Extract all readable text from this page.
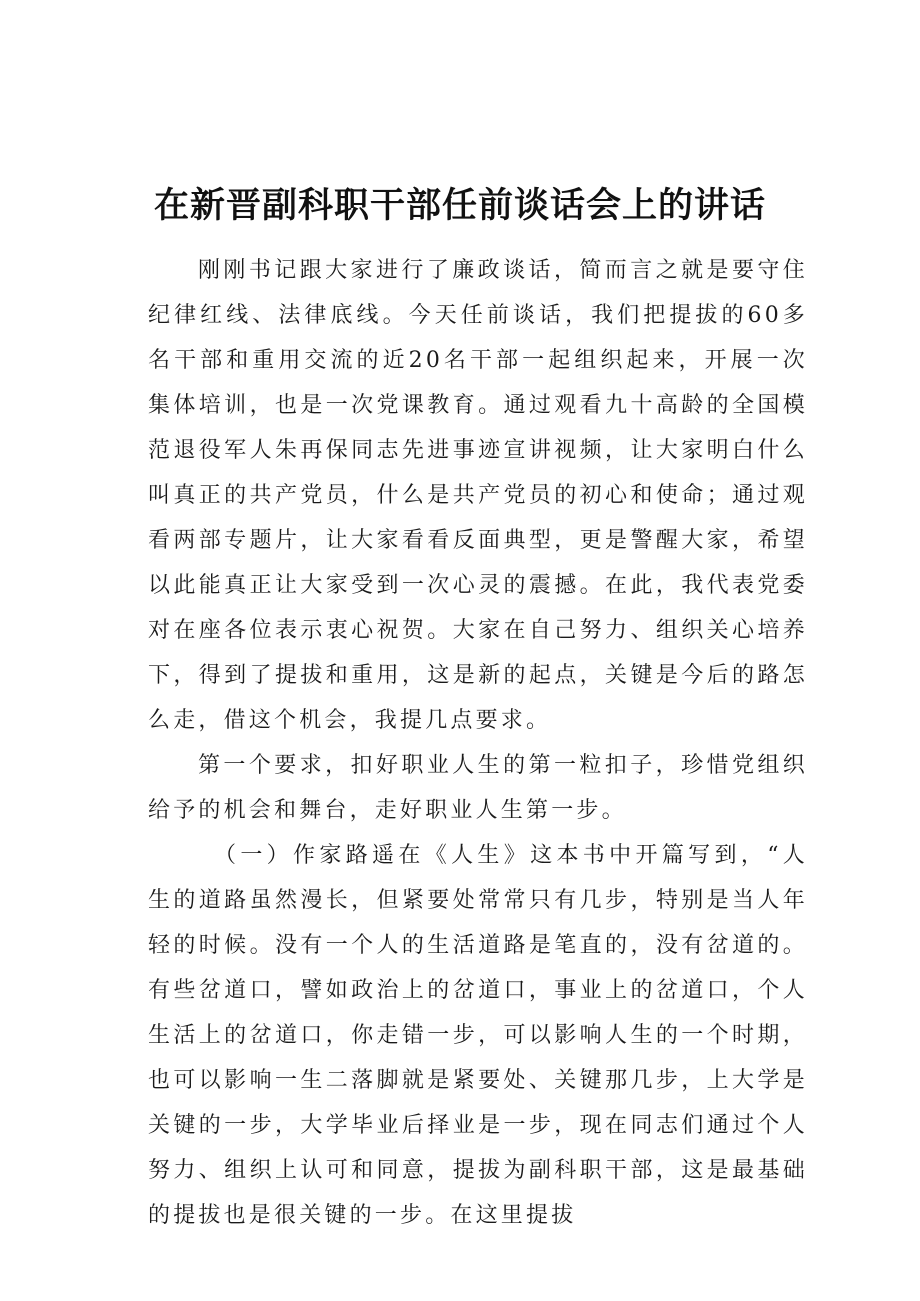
在新晋副科职干部任前谈话会上的讲话

刚刚书记跟大家进行了廉政谈话，简而言之就是要守住纪律红线、法律底线。今天任前谈话，我们把提拔的60多名干部和重用交流的近20名干部一起组织起来，开展一次集体培训，也是一次党课教育。通过观看九十高龄的全国模范退役军人朱再保同志先进事迹宣讲视频，让大家明白什么叫真正的共产党员，什么是共产党员的初心和使命；通过观看两部专题片，让大家看看反面典型，更是警醒大家，希望以此能真正让大家受到一次心灵的震撼。在此，我代表党委对在座各位表示衷心祝贺。大家在自己努力、组织关心培养下，得到了提拔和重用，这是新的起点，关键是今后的路怎么走，借这个机会，我提几点要求。

第一个要求，扣好职业人生的第一粒扣子，珍惜党组织给予的机会和舞台，走好职业人生第一步。

（一）作家路遥在《人生》这本书中开篇写到，“人生的道路虽然漫长，但紧要处常常只有几步，特别是当人年轻的时候。没有一个人的生活道路是笔直的，没有岔道的。有些岔道口，譬如政治上的岔道口，事业上的岔道口，个人生活上的岔道口，你走错一步，可以影响人生的一个时期，也可以影响一生二落脚就是紧要处、关键那几步，上大学是关键的一步，大学毕业后择业是一步，现在同志们通过个人努力、组织上认可和同意，提拔为副科职干部，这是最基础的提拔也是很关键的一步。在这里提拔
